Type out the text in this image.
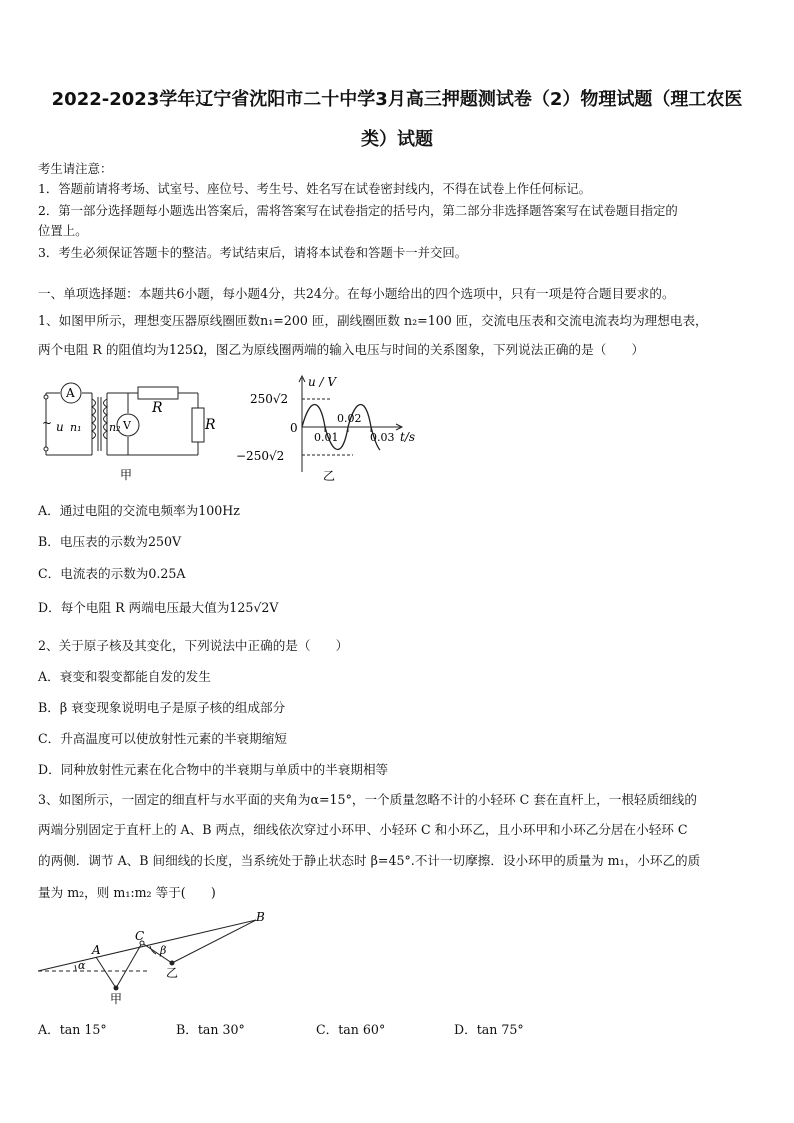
2022-2023学年辽宁省沈阳市二十中学3月高三押题测试卷（2）物理试题（理工农医
类）试题
考生请注意：
1．答题前请将考场、试室号、座位号、考生号、姓名写在试卷密封线内，不得在试卷上作任何标记。
2．第一部分选择题每小题选出答案后，需将答案写在试卷指定的括号内，第二部分非选择题答案写在试卷题目指定的
位置上。
3．考生必须保证答题卡的整洁。考试结束后，请将本试卷和答题卡一并交回。
一、单项选择题：本题共6小题，每小题4分，共24分。在每小题给出的四个选项中，只有一项是符合题目要求的。
1、如图甲所示，理想变压器原线圈匝数n₁=200 匝，副线圈匝数 n₂=100 匝，交流电压表和交流电流表均为理想电表，
两个电阻 R 的阻值均为125Ω，图乙为原线圈两端的输入电压与时间的关系图象，下列说法正确的是（　　）
A
V
R
R
~ u n₁	n₂
甲
u / V
250√2
0
0.01
0.02
0.03 t/s
−250√2
乙
A．通过电阻的交流电频率为100Hz
B．电压表的示数为250V
C．电流表的示数为0.25A
D．每个电阻 R 两端电压最大值为125√2V
2、关于原子核及其变化，下列说法中正确的是（　　）
A．衰变和裂变都能自发的发生
B．β 衰变现象说明电子是原子核的组成部分
C．升高温度可以使放射性元素的半衰期缩短
D．同种放射性元素在化合物中的半衰期与单质中的半衰期相等
3、如图所示，一固定的细直杆与水平面的夹角为α=15°，一个质量忽略不计的小轻环 C 套在直杆上，一根轻质细线的
两端分别固定于直杆上的 A、B 两点，细线依次穿过小环甲、小轻环 C 和小环乙，且小环甲和小环乙分居在小轻环 C
的两侧．调节 A、B 间细线的长度，当系统处于静止状态时 β=45°.不计一切摩擦．设小环甲的质量为 m₁，小环乙的质
量为 m₂，则 m₁:m₂ 等于(　　)
A
C
B
α
β
甲
乙
A．tan 15°	B．tan 30°	C．tan 60°	D．tan 75°
